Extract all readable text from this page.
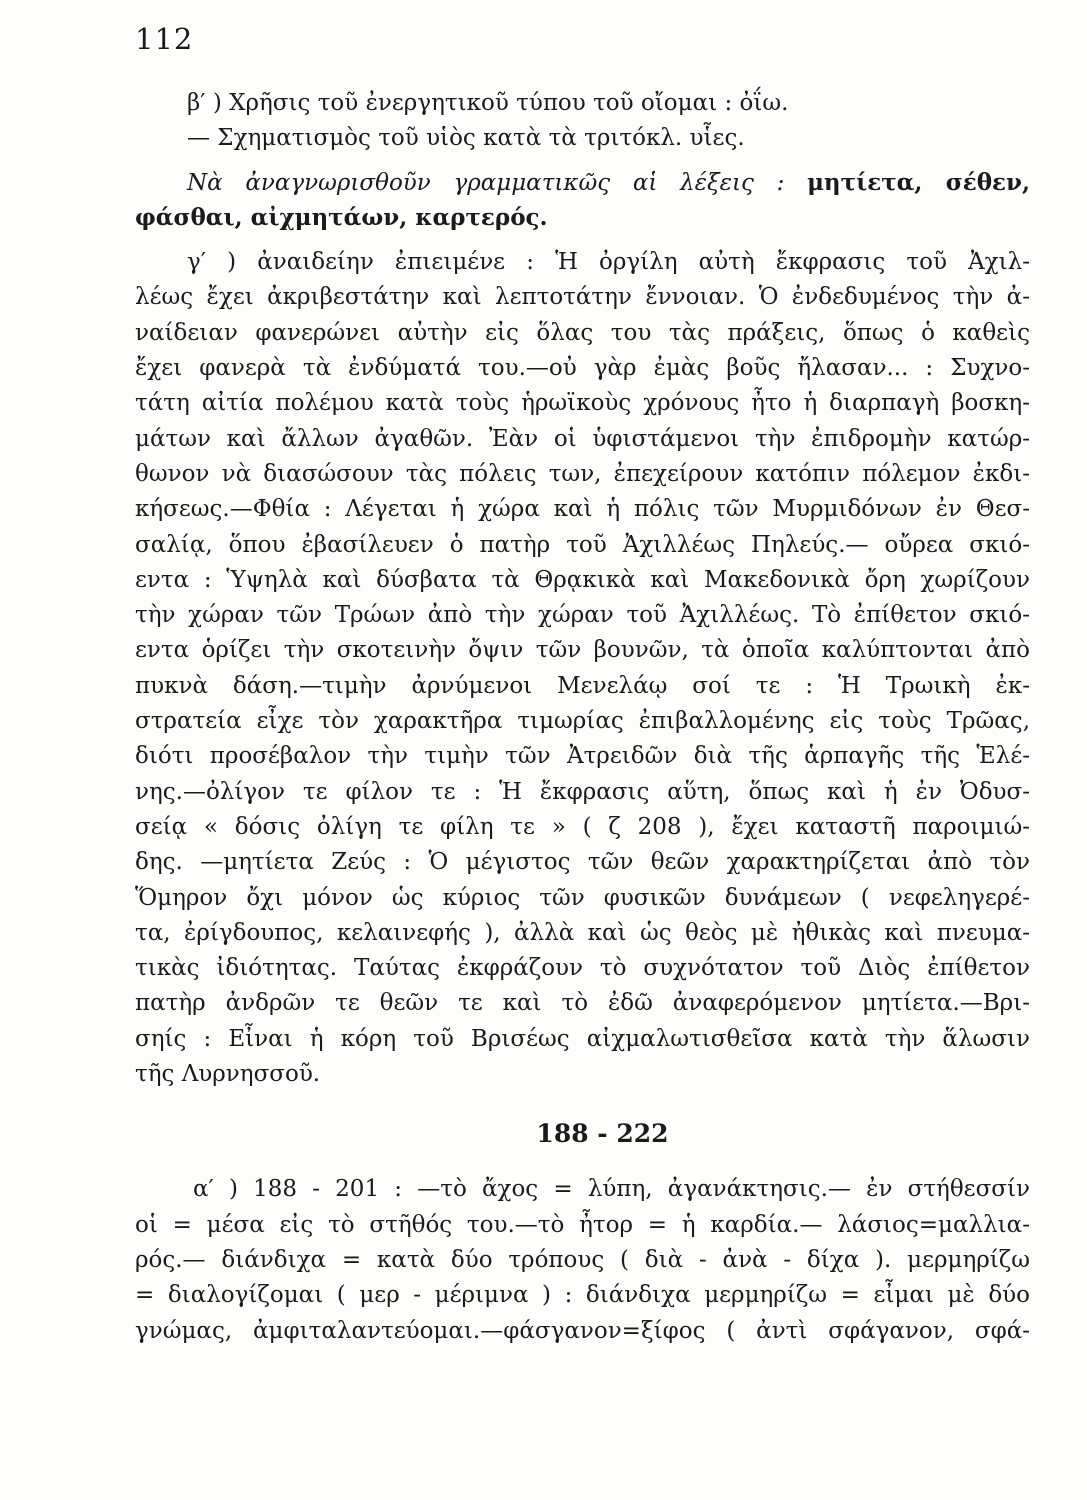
112
β′ ) Χρῆσις τοῦ ἐνεργητικοῦ τύπου τοῦ οἴομαι : ὀΐω.
— Σχηματισμὸς τοῦ υἱὸς κατὰ τὰ τριτόκλ. υἷες.
Νὰ ἀναγνωρισθοῦν γραμματικῶς αἱ λέξεις : μητίετα, σέθεν,
φάσθαι, αἰχμητάων, καρτερός.
γ′ ) ἀναιδείην ἐπιειμένε : Ἡ ὀργίλη αὐτὴ ἔκφρασις τοῦ Ἀχιλ-
λέως ἔχει ἀκριβεστάτην καὶ λεπτοτάτην ἔννοιαν. Ὁ ἐνδεδυμένος τὴν ἀ-
ναίδειαν φανερώνει αὐτὴν εἰς ὅλας του τὰς πράξεις, ὅπως ὁ καθεὶς
ἔχει φανερὰ τὰ ἐνδύματά του.—οὐ γὰρ ἐμὰς βοῦς ἤλασαν... : Συχνο-
τάτη αἰτία πολέμου κατὰ τοὺς ἡρωϊκοὺς χρόνους ἦτο ἡ διαρπαγὴ βοσκη-
μάτων καὶ ἄλλων ἀγαθῶν. Ἐὰν οἱ ὑφιστάμενοι τὴν ἐπιδρομὴν κατώρ-
θωνον νὰ διασώσουν τὰς πόλεις των, ἐπεχείρουν κατόπιν πόλεμον ἐκδι-
κήσεως.—Φθία : Λέγεται ἡ χώρα καὶ ἡ πόλις τῶν Μυρμιδόνων ἐν Θεσ-
σαλίᾳ, ὅπου ἐβασίλευεν ὁ πατὴρ τοῦ Ἀχιλλέως Πηλεύς.— οὔρεα σκιό-
εντα : Ὑψηλὰ καὶ δύσβατα τὰ Θρᾳκικὰ καὶ Μακεδονικὰ ὄρη χωρίζουν
τὴν χώραν τῶν Τρώων ἀπὸ τὴν χώραν τοῦ Ἀχιλλέως. Τὸ ἐπίθετον σκιό-
εντα ὁρίζει τὴν σκοτεινὴν ὄψιν τῶν βουνῶν, τὰ ὁποῖα καλύπτονται ἀπὸ
πυκνὰ δάση.—τιμὴν ἀρνύμενοι Μενελάῳ σοί τε : Ἡ Τρωικὴ ἐκ-
στρατεία εἶχε τὸν χαρακτῆρα τιμωρίας ἐπιβαλλομένης εἰς τοὺς Τρῶας,
διότι προσέβαλον τὴν τιμὴν τῶν Ἀτρειδῶν διὰ τῆς ἁρπαγῆς τῆς Ἑλέ-
νης.—ὀλίγον τε φίλον τε : Ἡ ἔκφρασις αὕτη, ὅπως καὶ ἡ ἐν Ὀδυσ-
σείᾳ « δόσις ὀλίγη τε φίλη τε » ( ζ 208 ), ἔχει καταστῆ παροιμιώ-
δης. —μητίετα Ζεύς : Ὁ μέγιστος τῶν θεῶν χαρακτηρίζεται ἀπὸ τὸν
Ὅμηρον ὄχι μόνον ὡς κύριος τῶν φυσικῶν δυνάμεων ( νεφεληγερέ-
τα, ἐρίγδουπος, κελαινεφής ), ἀλλὰ καὶ ὡς θεὸς μὲ ἠθικὰς καὶ πνευμα-
τικὰς ἰδιότητας. Ταύτας ἐκφράζουν τὸ συχνότατον τοῦ Διὸς ἐπίθετον
πατὴρ ἀνδρῶν τε θεῶν τε καὶ τὸ ἐδῶ ἀναφερόμενον μητίετα.—Βρι-
σηίς : Εἶναι ἡ κόρη τοῦ Βρισέως αἰχμαλωτισθεῖσα κατὰ τὴν ἅλωσιν
τῆς Λυρνησσοῦ.
188 - 222
α′ ) 188 - 201 : —τὸ ἄχος = λύπη, ἀγανάκτησις.— ἐν στήθεσσίν
οἱ = μέσα εἰς τὸ στῆθός του.—τὸ ἦτορ = ἡ καρδία.— λάσιος=μαλλια-
ρός.— διάνδιχα = κατὰ δύο τρόπους ( διὰ - ἀνὰ - δίχα ). μερμηρίζω
= διαλογίζομαι ( μερ - μέριμνα ) : διάνδιχα μερμηρίζω = εἶμαι μὲ δύο
γνώμας, ἀμφιταλαντεύομαι.—φάσγανον=ξίφος ( ἀντὶ σφάγανον, σφά-
